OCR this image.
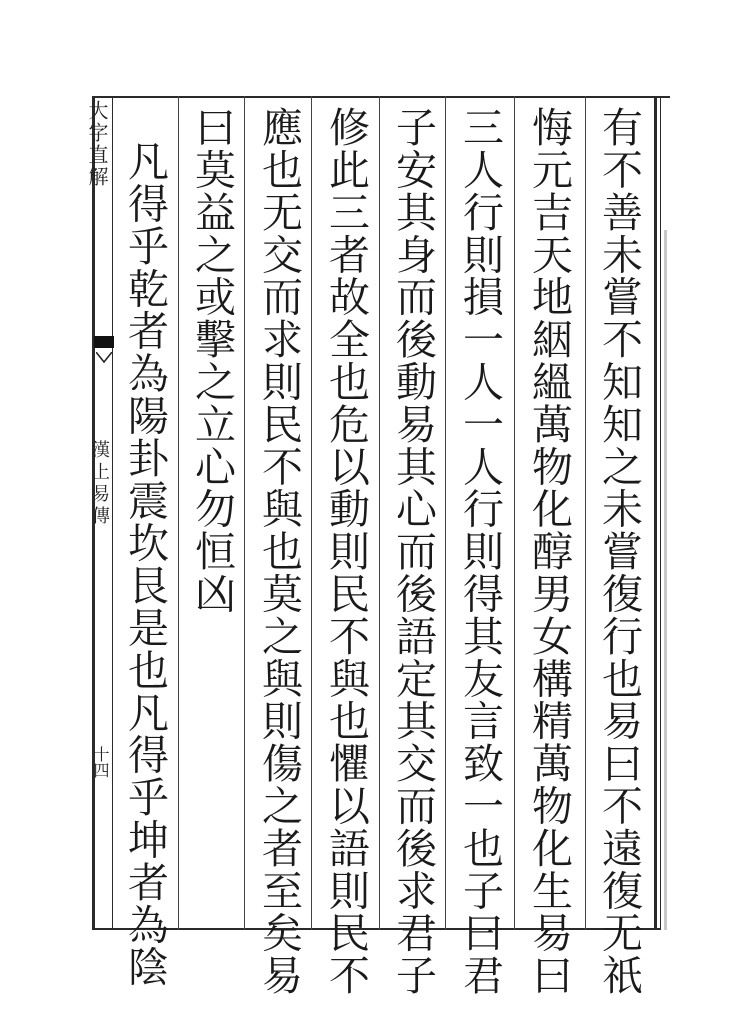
大字直解
漢上易傳
十四	有不善未嘗不知知之未嘗復行也易曰不遠復无祇
悔元吉天地絪縕萬物化醇男女構精萬物化生易曰
三人行則損一人一人行則得其友言致一也子曰君
子安其身而後動易其心而後語定其交而後求君子
修此三者故全也危以動則民不與也懼以語則民不
應也无交而求則民不與也莫之與則傷之者至矣易
曰莫益之或擊之立心勿恒凶
凡得乎乾者為陽卦震坎艮是也凡得乎坤者為陰
